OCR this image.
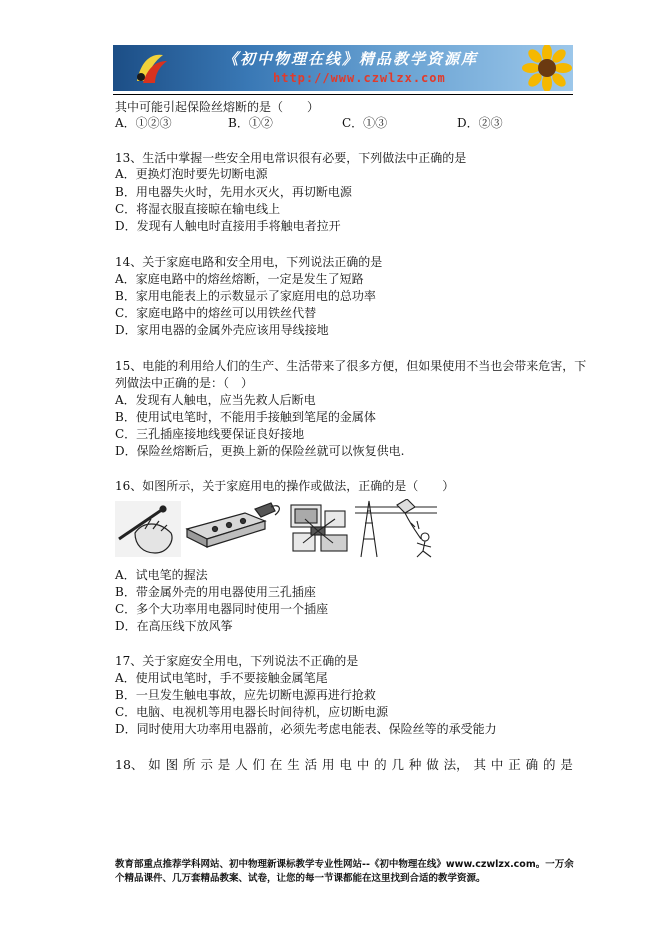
《初中物理在线》精品教学资源库
http://www.czwlzx.com
其中可能引起保险丝熔断的是（　　）
A．①②③	B．①②	C．①③	D．②③
13、生活中掌握一些安全用电常识很有必要，下列做法中正确的是
A．更换灯泡时要先切断电源
B．用电器失火时，先用水灭火，再切断电源
C．将湿衣服直接晾在输电线上
D．发现有人触电时直接用手将触电者拉开
14、关于家庭电路和安全用电，下列说法正确的是
A．家庭电路中的熔丝熔断，一定是发生了短路
B．家用电能表上的示数显示了家庭用电的总功率
C．家庭电路中的熔丝可以用铁丝代替
D．家用电器的金属外壳应该用导线接地
15、电能的利用给人们的生产、生活带来了很多方便，但如果使用不当也会带来危害，下
列做法中正确的是：（　）
A．发现有人触电，应当先救人后断电
B．使用试电笔时，不能用手接触到笔尾的金属体
C．三孔插座接地线要保证良好接地
D．保险丝熔断后，更换上新的保险丝就可以恢复供电.
16、如图所示，关于家庭用电的操作或做法，正确的是（　　）
A．试电笔的握法
B．带金属外壳的用电器使用三孔插座
C．多个大功率用电器同时使用一个插座
D．在高压线下放风筝
17、关于家庭安全用电，下列说法不正确的是
A．使用试电笔时，手不要接触金属笔尾
B．一旦发生触电事故，应先切断电源再进行抢救
C．电脑、电视机等用电器长时间待机，应切断电源
D．同时使用大功率用电器前，必须先考虑电能表、保险丝等的承受能力
18、 如 图 所 示 是 人 们 在 生 活 用 电 中 的 几 种 做 法， 其 中 正 确 的 是
教育部重点推荐学科网站、初中物理新课标教学专业性网站--《初中物理在线》www.czwlzx.com。一万余
个精品课件、几万套精品教案、试卷，让您的每一节课都能在这里找到合适的教学资源。
